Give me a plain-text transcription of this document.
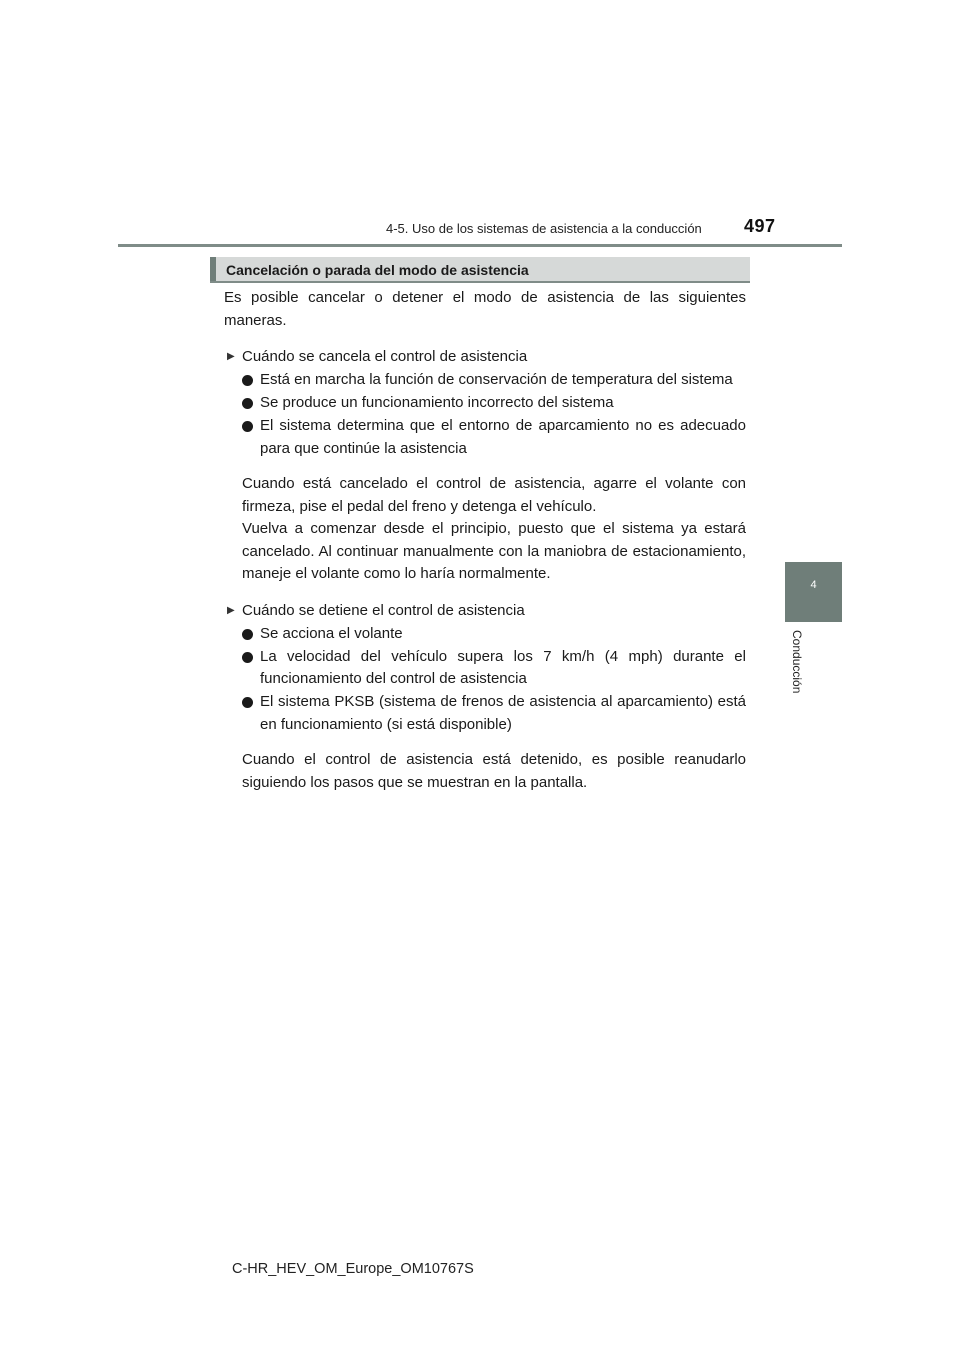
4-5. Uso de los sistemas de asistencia a la conducción 497
4
Conducción
Cancelación o parada del modo de asistencia

Es posible cancelar o detener el modo de asistencia de las siguientes maneras.

▶ Cuándo se cancela el control de asistencia
Está en marcha la función de conservación de temperatura del sistema
Se produce un funcionamiento incorrecto del sistema
El sistema determina que el entorno de aparcamiento no es adecuado para que continúe la asistencia

Cuando está cancelado el control de asistencia, agarre el volante con firmeza, pise el pedal del freno y detenga el vehículo.

Vuelva a comenzar desde el principio, puesto que el sistema ya estará cancelado. Al continuar manualmente con la maniobra de estacionamiento, maneje el volante como lo haría normalmente.

▶ Cuándo se detiene el control de asistencia
Se acciona el volante
La velocidad del vehículo supera los 7 km/h (4 mph) durante el funcionamiento del control de asistencia
El sistema PKSB (sistema de frenos de asistencia al aparcamiento) está en funcionamiento (si está disponible)

Cuando el control de asistencia está detenido, es posible reanudarlo siguiendo los pasos que se muestran en la pantalla.

C-HR_HEV_OM_Europe_OM10767S
